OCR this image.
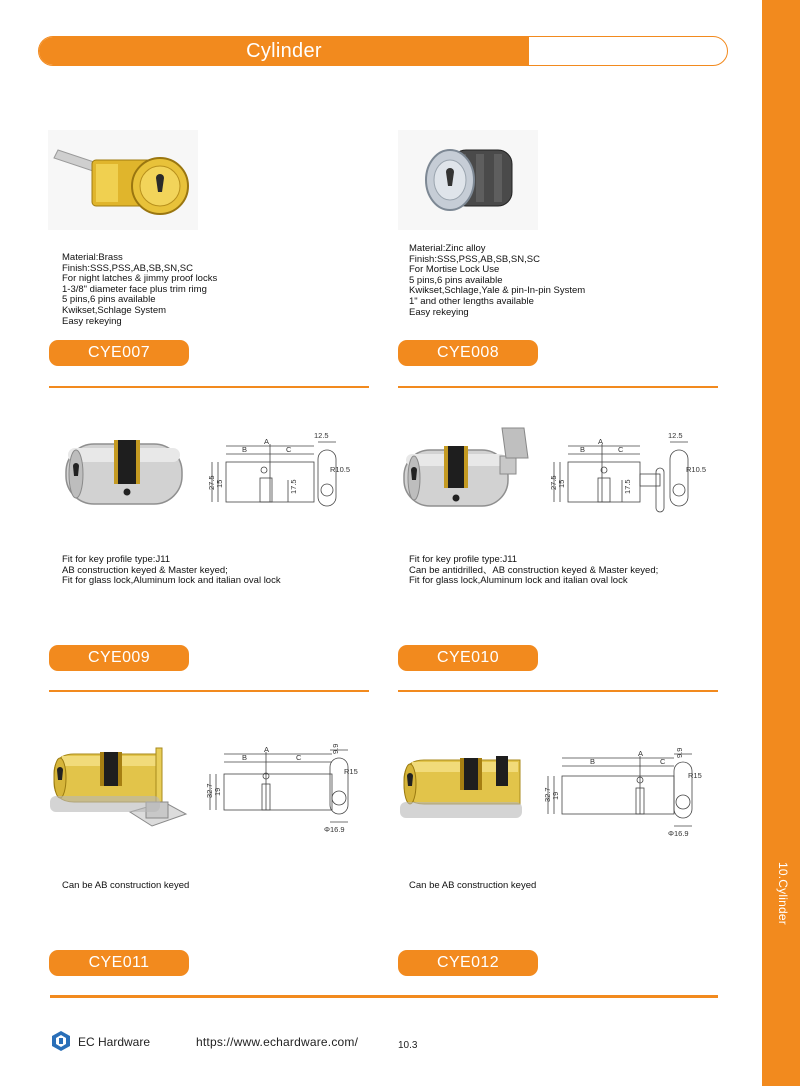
10.Cylinder
Cylinder
Material:Brass
Finish:SSS,PSS,AB,SB,SN,SC
For night latches & jimmy proof locks
1-3/8" diameter face plus trim rimg
5 pins,6 pins available
Kwikset,Schlage System
Easy rekeying
CYE007
Material:Zinc alloy
Finish:SSS,PSS,AB,SB,SN,SC
For Mortise Lock Use
5 pins,6 pins available
Kwikset,Schlage,Yale & pin-In-pin System
1" and other lengths available
Easy rekeying
CYE008
A
B	C
27.5 15	17.5
12.5
R10.5
Fit for key profile type:J11
AB construction keyed & Master keyed;
Fit for glass lock,Aluminum lock and italian oval lock
CYE009
A
B	C
27.5 15	17.5
12.5
R10.5
Fit for key profile type:J11
Can be antidrilled、AB construction keyed & Master keyed;
Fit for glass lock,Aluminum lock and italian oval lock
CYE010
A
B	C
32.7 19
9.9
R15
Φ16.9
Can be AB construction keyed
CYE011
A
B	C
32.7 19
9.9
R15
Φ16.9
Can be AB construction keyed
CYE012
EC Hardware	https://www.echardware.com/	10.3
